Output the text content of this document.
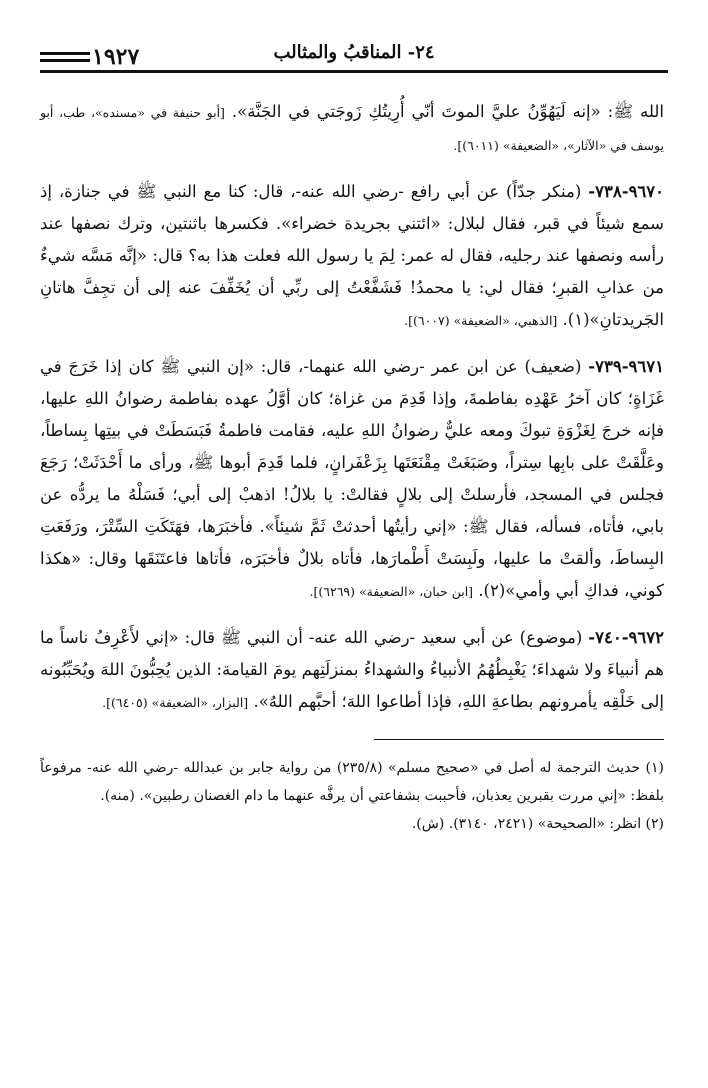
٢٤- المناقبُ والمثالب
١٩٢٧

الله ﷺ: «إنه لَيَهُوِّنُ عليَّ الموتَ أنّي أُرِيتُكِ زَوجَتي في الجَنَّة». [أبو حنيفة في «مسنده»، طب، أبو يوسف في «الآثار»، «الضعيفة» (٦٠١١)].

٩٦٧٠-٧٣٨- (منكر جدّاً) عن أبي رافع -رضي الله عنه-، قال: كنا مع النبي ﷺ في جنازة، إذ سمع شيئاً في قبر، فقال لبلال: «ائتني بجريدة خضراء». فكسرها باثنتين، وترك نصفها عند رأسه ونصفها عند رجليه، فقال له عمر: لِمَ يا رسول الله فعلت هذا به؟ قال: «إنَّه مَسَّه شيءٌ من عذابِ القبرِ؛ فقال لي: يا محمدُ! فَشَفَّعْتُ إلى ربِّي أن يُخَفِّفَ عنه إلى أن تجِفَّ هاتانِ الجَريدتانِ»(١). [الذهبي، «الضعيفة» (٦٠٠٧)].

٩٦٧١-٧٣٩- (ضعيف) عن ابن عمر -رضي الله عنهما-، قال: «إن النبي ﷺ كان إذا خَرَجَ في غَزَاةٍ؛ كان آخرُ عَهْدِه بفاطمةَ، وإذا قَدِمَ من غزاة؛ كان أوَّلُ عهده بفاطمة رضوانُ اللهِ عليها، فإنه خرجَ لِغَزْوَةِ تبوكَ ومعه عليٌّ رضوانُ اللهِ عليه، فقامت فاطمةُ فَبَسَطَتْ في بيتِها بِساطاً، وعَلَّقَتْ على بابِها سِتراً، وصَبَغَتْ مِقْنَعَتَها بِزَعْفَرانٍ، فلما قَدِمَ أبوها ﷺ، ورأى ما أَحْدَثَتْ؛ رَجَعَ فجلس في المسجد، فأرسلتْ إلى بلالٍ فقالتْ: يا بلالُ! اذهبْ إلى أبي؛ فَسَلْهُ ما يردُّه عن بابي، فأتاه، فسأله، فقال ﷺ: «إني رأيتُها أحدثتْ ثَمَّ شيئاً». فأخبَرَها، فهَتَكَتِ السِّتْرَ، ورَفَعَتِ البِساطَ، وألقتْ ما عليها، ولَبِسَتْ أَطْمارَها، فأتاه بلالٌ فأخبَرَه، فأتاها فاعتَنَقَها وقال: «هكذا كوني، فداكِ أبي وأمي»(٢). [ابن حبان، «الضعيفة» (٦٢٦٩)].

٩٦٧٢-٧٤٠- (موضوع) عن أبي سعيد -رضي الله عنه- أن النبي ﷺ قال: «إني لأَعْرِفُ ناساً ما هم أنبياءَ ولا شهداءَ؛ يَغْبِطُهُمُ الأنبياءُ والشهداءُ بمنزلَتِهم يومَ القيامة: الذين يُحِبُّونَ اللهَ ويُحَبِّبُونه إلى خَلْقِه يأمرونهم بطاعةِ اللهِ، فإذا أطاعوا اللهَ؛ أحبَّهم اللهُ». [البزار، «الضعيفة» (٦٤٠٥)].

(١) حديث الترجمة له أصل في «صحيح مسلم» (٢٣٥/٨) من رواية جابر بن عبدالله -رضي الله عنه- مرفوعاً بلفظ: «إني مررت بقبرين يعذبان، فأحببت بشفاعتي أن يرفَّه عنهما ما دام الغصنان رطبين». (منه).

(٢) انظر: «الصحيحة» (٢٤٢١، ٣١٤٠). (ش).
